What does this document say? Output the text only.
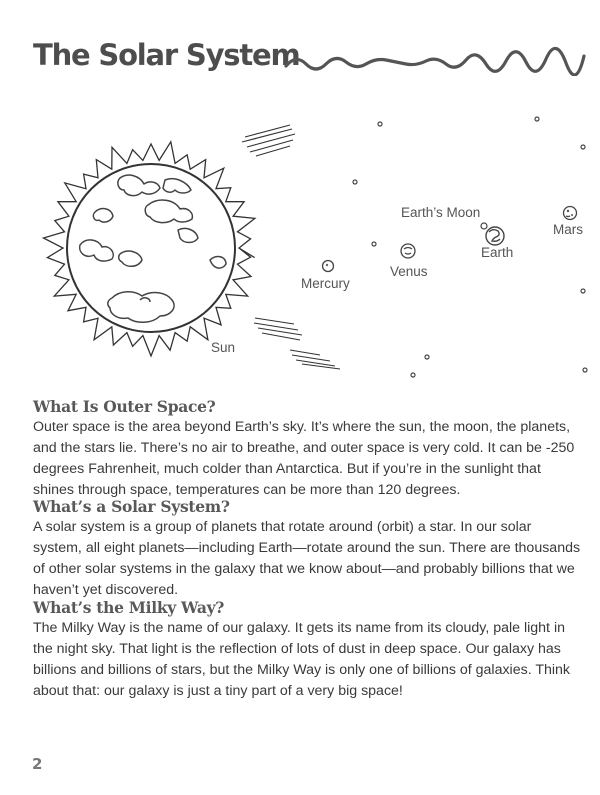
The Solar System
Earth’s Moon
Mars
Earth
Venus
Mercury
Sun
What Is Outer Space?

Outer space is the area beyond Earth’s sky. It’s where the sun, the moon, the planets, and the stars lie. There’s no air to breathe, and outer space is very cold. It can be -250 degrees Fahrenheit, much colder than Antarctica. But if you’re in the sunlight that shines through space, temperatures can be more than 120 degrees.

What’s a Solar System?

A solar system is a group of planets that rotate around (orbit) a star. In our solar system, all eight planets—including Earth—rotate around the sun. There are thousands of other solar systems in the galaxy that we know about—and probably billions that we haven’t yet discovered.

What’s the Milky Way?

The Milky Way is the name of our galaxy. It gets its name from its cloudy, pale light in the night sky. That light is the reflection of lots of dust in deep space. Our galaxy has billions and billions of stars, but the Milky Way is only one of billions of galaxies. Think about that: our galaxy is just a tiny part of a very big space!

2
